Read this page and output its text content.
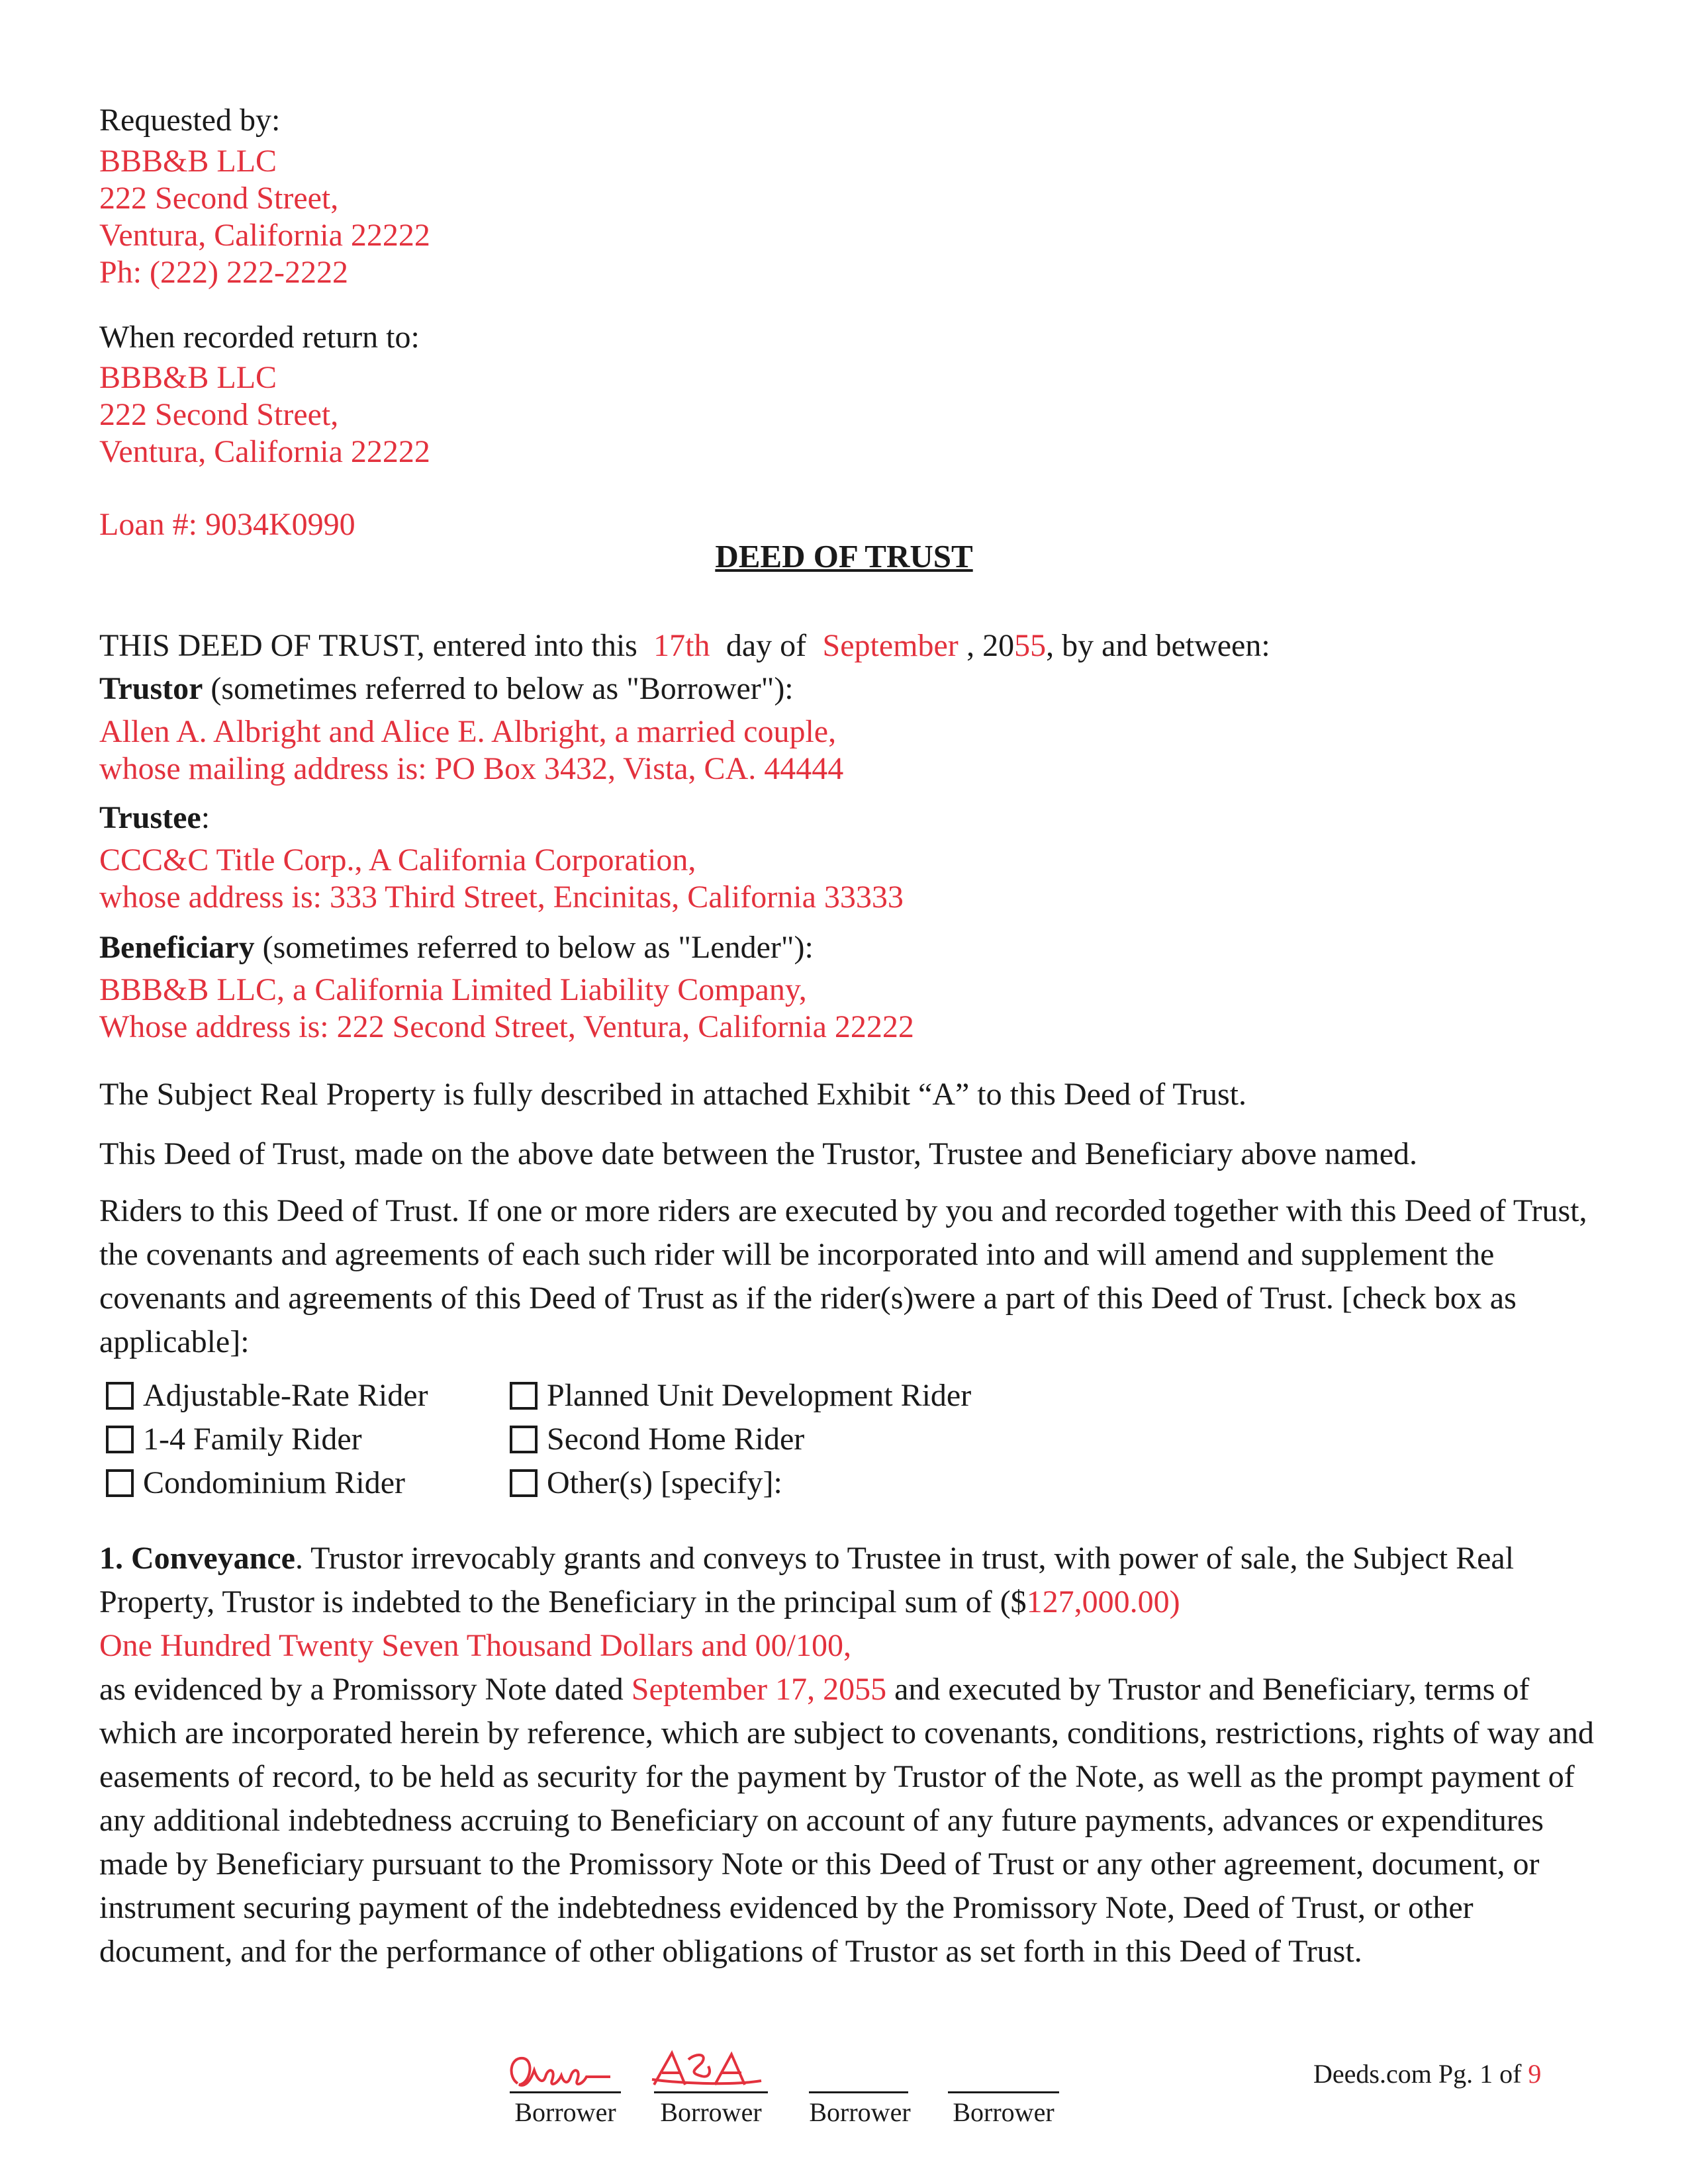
Requested by:
BBB&B LLC
222 Second Street,
Ventura, California 22222
Ph: (222) 222-2222
When recorded return to:
BBB&B LLC
222 Second Street,
Ventura, California 22222
Loan #: 9034K0990
DEED OF TRUST
THIS DEED OF TRUST, entered into this 17th day of September , 2055, by and between:
Trustor (sometimes referred to below as "Borrower"):
Allen A. Albright and Alice E. Albright, a married couple,
whose mailing address is: PO Box 3432, Vista, CA. 44444
Trustee:
CCC&C Title Corp., A California Corporation,
whose address is: 333 Third Street, Encinitas, California 33333
Beneficiary (sometimes referred to below as "Lender"):
BBB&B LLC, a California Limited Liability Company,
Whose address is: 222 Second Street, Ventura, California 22222
The Subject Real Property is fully described in attached Exhibit “A” to this Deed of Trust.
This Deed of Trust, made on the above date between the Trustor, Trustee and Beneficiary above named.
Riders to this Deed of Trust. If one or more riders are executed by you and recorded together with this Deed of Trust, the covenants and agreements of each such rider will be incorporated into and will amend and supplement the covenants and agreements of this Deed of Trust as if the rider(s)were a part of this Deed of Trust. [check box as applicable]:
Adjustable-Rate Rider
1-4 Family Rider
Condominium Rider
Planned Unit Development Rider
Second Home Rider
Other(s) [specify]:
1. Conveyance. Trustor irrevocably grants and conveys to Trustee in trust, with power of sale, the Subject Real Property, Trustor is indebted to the Beneficiary in the principal sum of ($127,000.00)
One Hundred Twenty Seven Thousand Dollars and 00/100,
as evidenced by a Promissory Note dated September 17, 2055 and executed by Trustor and Beneficiary, terms of which are incorporated herein by reference, which are subject to covenants, conditions, restrictions, rights of way and easements of record, to be held as security for the payment by Trustor of the Note, as well as the prompt payment of any additional indebtedness accruing to Beneficiary on account of any future payments, advances or expenditures made by Beneficiary pursuant to the Promissory Note or this Deed of Trust or any other agreement, document, or instrument securing payment of the indebtedness evidenced by the Promissory Note, Deed of Trust, or other document, and for the performance of other obligations of Trustor as set forth in this Deed of Trust.
Borrower	Borrower	Borrower	Borrower
Deeds.com Pg. 1 of 9
